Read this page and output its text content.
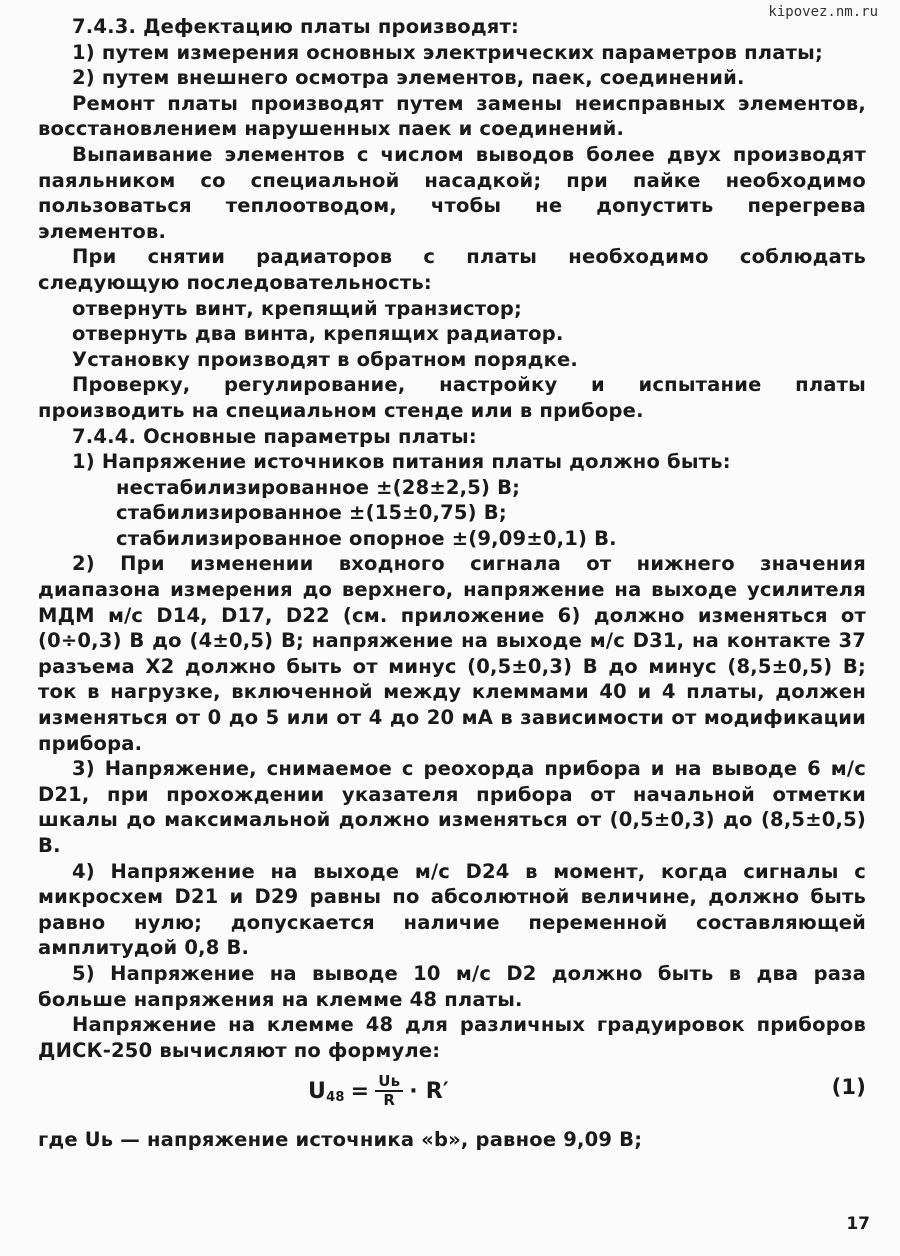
kipovez.nm.ru

7.4.3. Дефектацию платы производят:

1) путем измерения основных электрических параметров платы;

2) путем внешнего осмотра элементов, паек, соединений.

Ремонт платы производят путем замены неисправных элементов, восстановлением нарушенных паек и соединений.

Выпаивание элементов с числом выводов более двух производят паяльником со специальной насадкой; при пайке необходимо пользоваться теплоотводом, чтобы не допустить перегрева элементов.

При снятии радиаторов с платы необходимо соблюдать следующую последовательность:

отвернуть винт, крепящий транзистор;

отвернуть два винта, крепящих радиатор.

Установку производят в обратном порядке.

Проверку, регулирование, настройку и испытание платы производить на специальном стенде или в приборе.

7.4.4. Основные параметры платы:

1) Напряжение источников питания платы должно быть:

нестабилизированное ±(28±2,5) В;

стабилизированное ±(15±0,75) В;

стабилизированное опорное ±(9,09±0,1) В.

2) При изменении входного сигнала от нижнего значения диапазона измерения до верхнего, напряжение на выходе усилителя МДМ м/с D14, D17, D22 (см. приложение 6) должно изменяться от (0÷0,3) В до (4±0,5) В; напряжение на выходе м/с D31, на контакте 37 разъема Х2 должно быть от минус (0,5±0,3) В до минус (8,5±0,5) В; ток в нагрузке, включенной между клеммами 40 и 4 платы, должен изменяться от 0 до 5 или от 4 до 20 мА в зависимости от модификации прибора.

3) Напряжение, снимаемое с реохорда прибора и на выводе 6 м/с D21, при прохождении указателя прибора от начальной отметки шкалы до максимальной должно изменяться от (0,5±0,3) до (8,5±0,5) В.

4) Напряжение на выходе м/с D24 в момент, когда сигналы с микросхем D21 и D29 равны по абсолютной величине, должно быть равно нулю; допускается наличие переменной составляющей амплитудой 0,8 В.

5) Напряжение на выводе 10 м/с D2 должно быть в два раза больше напряжения на клемме 48 платы.

Напряжение на клемме 48 для различных градуировок приборов ДИСК-250 вычисляют по формуле:

U $48 = \frac{Uь}{R} \cdot R'$	(1)

где Uь — напряжение источника «b», равное 9,09 В;

17
